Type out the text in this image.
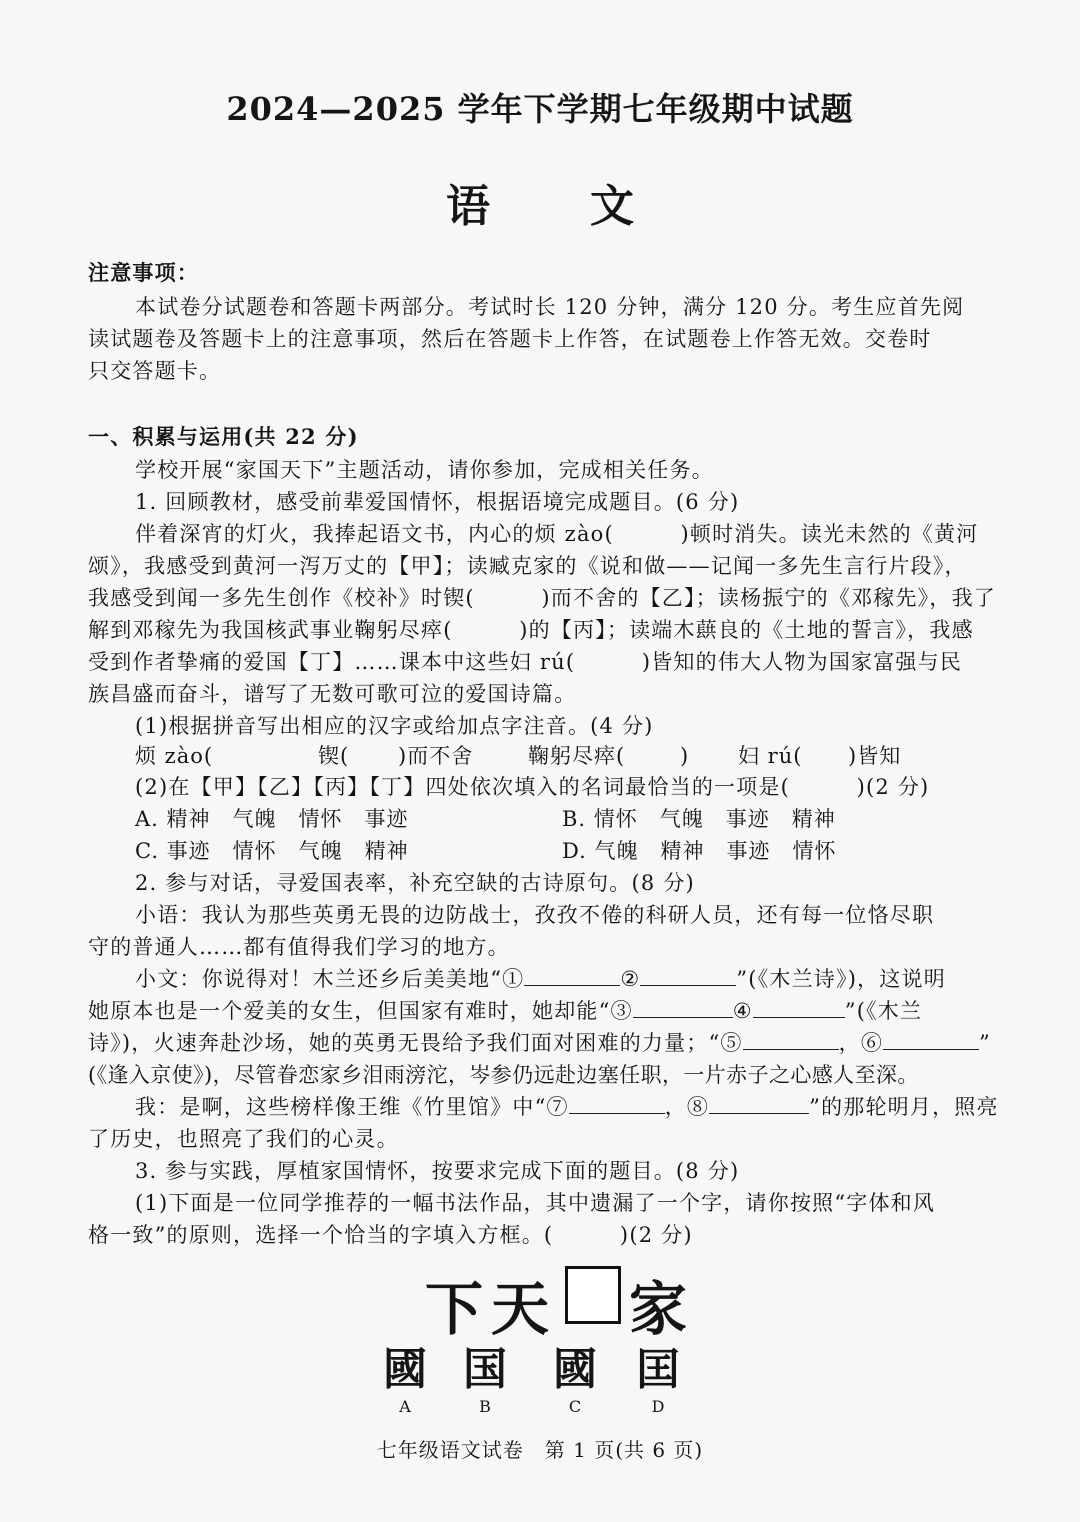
2024—2025 学年下学期七年级期中试题
语文
注意事项：
本试卷分试题卷和答题卡两部分。考试时长 120 分钟，满分 120 分。考生应首先阅
读试题卷及答题卡上的注意事项，然后在答题卡上作答，在试题卷上作答无效。交卷时
只交答题卡。
一、积累与运用(共 22 分)
学校开展“家国天下”主题活动，请你参加，完成相关任务。
1. 回顾教材，感受前辈爱国情怀，根据语境完成题目。(6 分)
伴着深宵的灯火，我捧起语文书，内心的烦 zào(　　　)顿时消失。读光未然的《黄河
颂》，我感受到黄河一泻万丈的【甲】；读臧克家的《说和做——记闻一多先生言行片段》，
我感受到闻一多先生创作《校补》时锲(　　　)而不舍的【乙】；读杨振宁的《邓稼先》，我了
解到邓稼先为我国核武事业鞠躬尽瘁(　　　)的【丙】；读端木蕻良的《土地的誓言》，我感
受到作者挚痛的爱国【丁】……课本中这些妇 rú(　　　)皆知的伟大人物为国家富强与民
族昌盛而奋斗，谱写了无数可歌可泣的爱国诗篇。
(1)根据拼音写出相应的汉字或给加点字注音。(4 分)
烦 zào(	锲( )而不舍	鞠躬尽瘁(	) 妇 rú( )皆知
(2)在【甲】【乙】【丙】【丁】四处依次填入的名词最恰当的一项是(　　　)(2 分)
A. 精神　气魄　情怀　事迹	B. 情怀　气魄　事迹　精神
C. 事迹　情怀　气魄　精神	D. 气魄　精神　事迹　情怀
2. 参与对话，寻爱国表率，补充空缺的古诗原句。(8 分)
小语：我认为那些英勇无畏的边防战士，孜孜不倦的科研人员，还有每一位恪尽职
守的普通人……都有值得我们学习的地方。
小文：你说得对！木兰还乡后美美地“①	②	”(《木兰诗》)，这说明
她原本也是一个爱美的女生，但国家有难时，她却能“③	④	”(《木兰
诗》)，火速奔赴沙场，她的英勇无畏给予我们面对困难的力量；“⑤	，⑥	”
(《逢入京使》)，尽管眷恋家乡泪雨滂沱，岑参仍远赴边塞任职，一片赤子之心感人至深。
我：是啊，这些榜样像王维《竹里馆》中“⑦	，⑧	”的那轮明月，照亮
了历史，也照亮了我们的心灵。
3. 参与实践，厚植家国情怀，按要求完成下面的题目。(8 分)
(1)下面是一位同学推荐的一幅书法作品，其中遗漏了一个字，请你按照“字体和风
格一致”的原则，选择一个恰当的字填入方框。(　　　)(2 分)
下天 家
國
A
国
B
國
C
囯
D
七年级语文试卷　第 1 页(共 6 页)
